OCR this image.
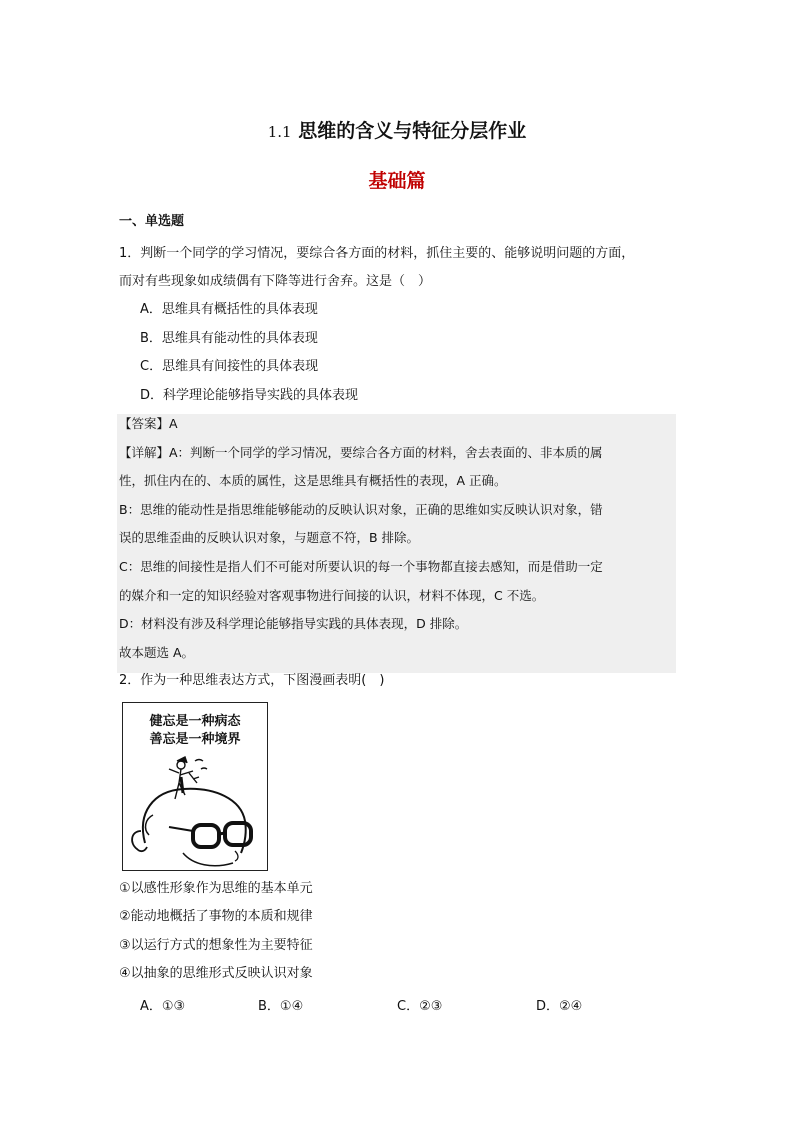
1.1 思维的含义与特征分层作业
基础篇
一、单选题
1．判断一个同学的学习情况，要综合各方面的材料，抓住主要的、能够说明问题的方面，
而对有些现象如成绩偶有下降等进行舍弃。这是（　）
A．思维具有概括性的具体表现
B．思维具有能动性的具体表现
C．思维具有间接性的具体表现
D．科学理论能够指导实践的具体表现
【答案】A
【详解】A：判断一个同学的学习情况，要综合各方面的材料，舍去表面的、非本质的属
性，抓住内在的、本质的属性，这是思维具有概括性的表现，A 正确。
B：思维的能动性是指思维能够能动的反映认识对象，正确的思维如实反映认识对象，错
误的思维歪曲的反映认识对象，与题意不符，B 排除。
C：思维的间接性是指人们不可能对所要认识的每一个事物都直接去感知，而是借助一定
的媒介和一定的知识经验对客观事物进行间接的认识，材料不体现，C 不选。
D：材料没有涉及科学理论能够指导实践的具体表现，D 排除。
故本题选 A。
2．作为一种思维表达方式，下图漫画表明(　)
健忘是一种病态
善忘是一种境界
①以感性形象作为思维的基本单元
②能动地概括了事物的本质和规律
③以运行方式的想象性为主要特征
④以抽象的思维形式反映认识对象
A．①③	B．①④	C．②③	D．②④
